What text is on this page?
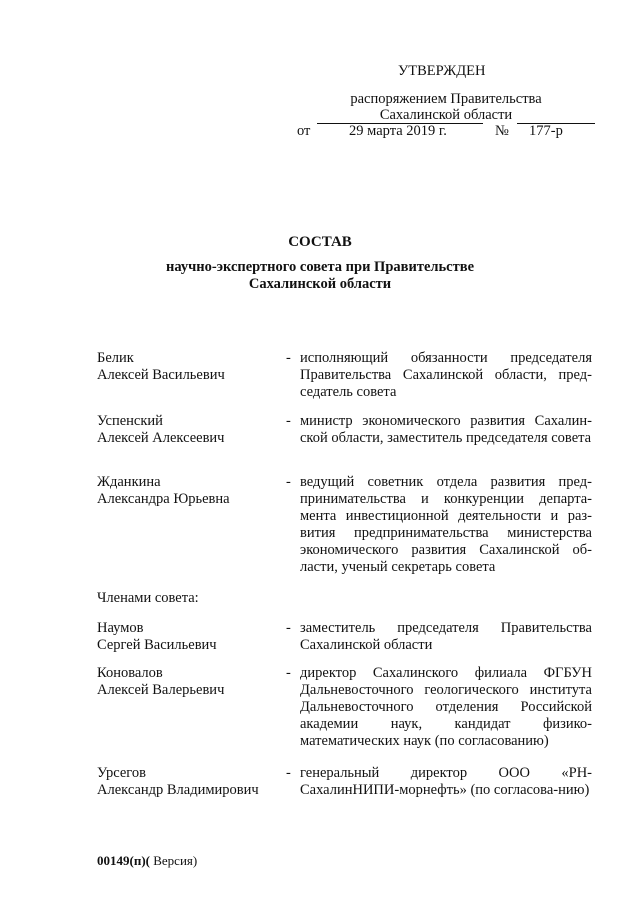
УТВЕРЖДЕН
распоряжением Правительства
Сахалинской области
от	29 марта 2019 г.	№ 177-р
СОСТАВ
научно-экспертного совета при Правительстве
Сахалинской области
Белик
Алексей Васильевич
- исполняющий обязанности председателя Правительства Сахалинской области, пред-седатель совета
Успенский
Алексей Алексеевич
- министр экономического развития Сахалин-ской области, заместитель председателя совета
Жданкина
Александра Юрьевна
- ведущий советник отдела развития пред-принимательства и конкуренции департа-мента инвестиционной деятельности и раз-вития предпринимательства министерства экономического развития Сахалинской об-ласти, ученый секретарь совета
Членами совета:
Наумов
Сергей Васильевич
- заместитель председателя Правительства Сахалинской области
Коновалов
Алексей Валерьевич
- директор Сахалинского филиала ФГБУН Дальневосточного геологического института Дальневосточного отделения Российской академии наук, кандидат физико-математических наук (по согласованию)
Урсегов
Александр Владимирович
- генеральный директор ООО «РН-СахалинНИПИ-морнефть» (по согласова-нию)
00149(п)( Версия)
